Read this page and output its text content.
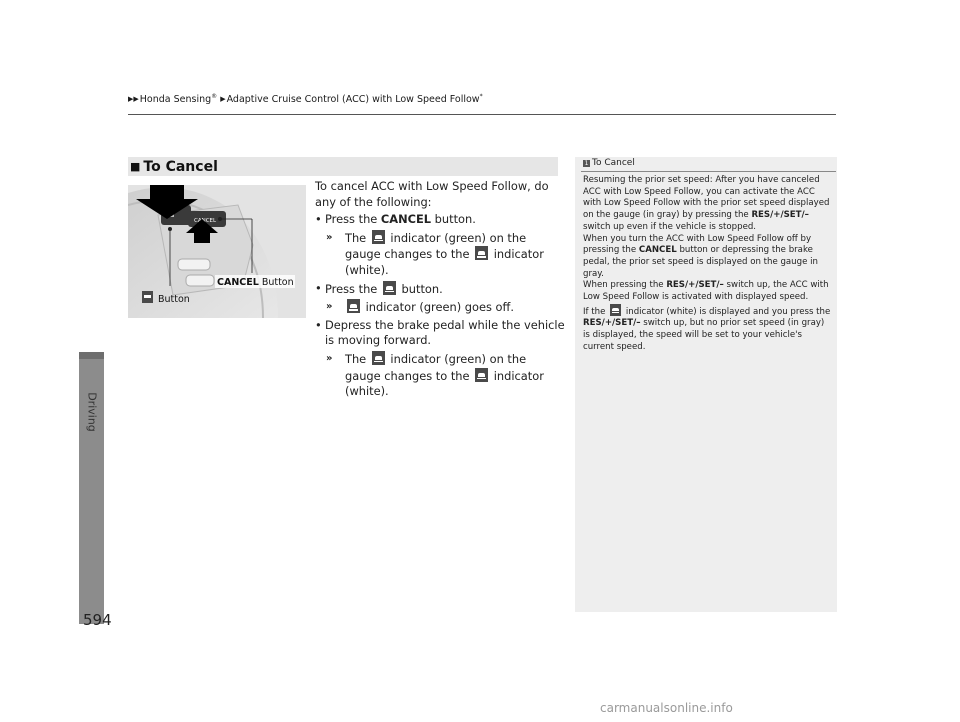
▶▶Honda Sensing® ▶Adaptive Cruise Control (ACC) with Low Speed Follow*
Driving
594
■ To Cancel
CANCEL
CANCEL Button
Button

To cancel ACC with Low Speed Follow, do any of the following:

• Press the CANCEL button.
» The  indicator (green) on the gauge changes to the  indicator (white).
• Press the  button.
»	indicator (green) goes off.
• Depress the brake pedal while the vehicle is moving forward.
» The  indicator (green) on the gauge changes to the  indicator (white).
1 To Cancel

Resuming the prior set speed: After you have canceled ACC with Low Speed Follow, you can activate the ACC with Low Speed Follow with the prior set speed displayed on the gauge (in gray) by pressing the RES/+/SET/– switch up even if the vehicle is stopped.

When you turn the ACC with Low Speed Follow off by pressing the CANCEL button or depressing the brake pedal, the prior set speed is displayed on the gauge in gray.

When pressing the RES/+/SET/– switch up, the ACC with Low Speed Follow is activated with displayed speed.

If the  indicator (white) is displayed and you press the RES/+/SET/– switch up, but no prior set speed (in gray) is displayed, the speed will be set to your vehicle's current speed.

carmanualsonline.info
